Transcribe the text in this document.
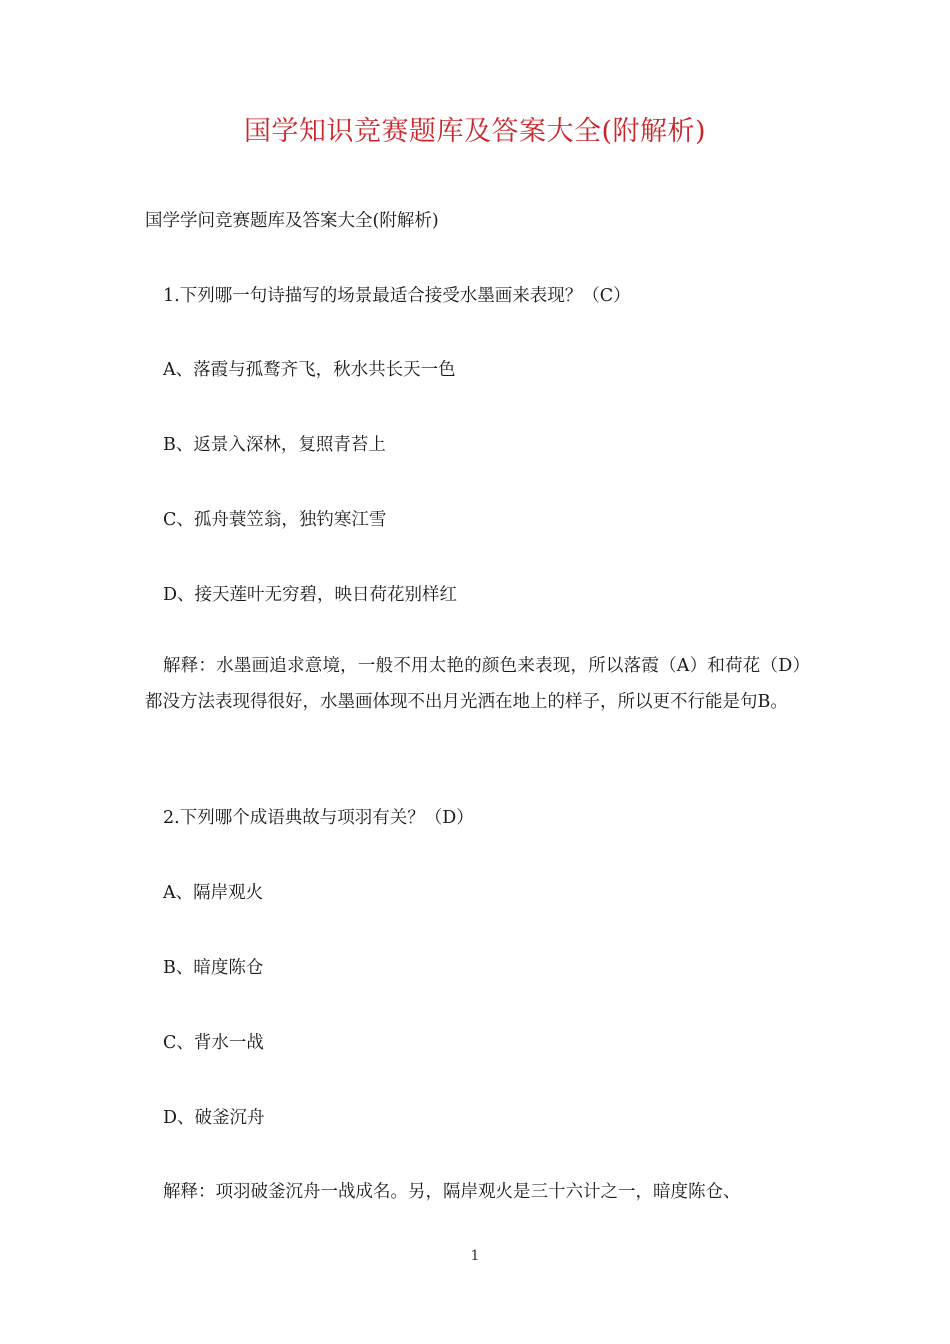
国学知识竞赛题库及答案大全(附解析)
国学学问竞赛题库及答案大全(附解析)
1.下列哪一句诗描写的场景最适合接受水墨画来表现？（C）
A、落霞与孤鹜齐飞，秋水共长天一色
B、返景入深林，复照青苔上
C、孤舟蓑笠翁，独钓寒江雪
D、接天莲叶无穷碧，映日荷花别样红
解释：水墨画追求意境，一般不用太艳的颜色来表现，所以落霞（A）和荷花（D）都没方法表现得很好，水墨画体现不出月光洒在地上的样子，所以更不行能是句B。
2.下列哪个成语典故与项羽有关？（D）
A、隔岸观火
B、暗度陈仓
C、背水一战
D、破釜沉舟
解释：项羽破釜沉舟一战成名。另，隔岸观火是三十六计之一，暗度陈仓、
1
